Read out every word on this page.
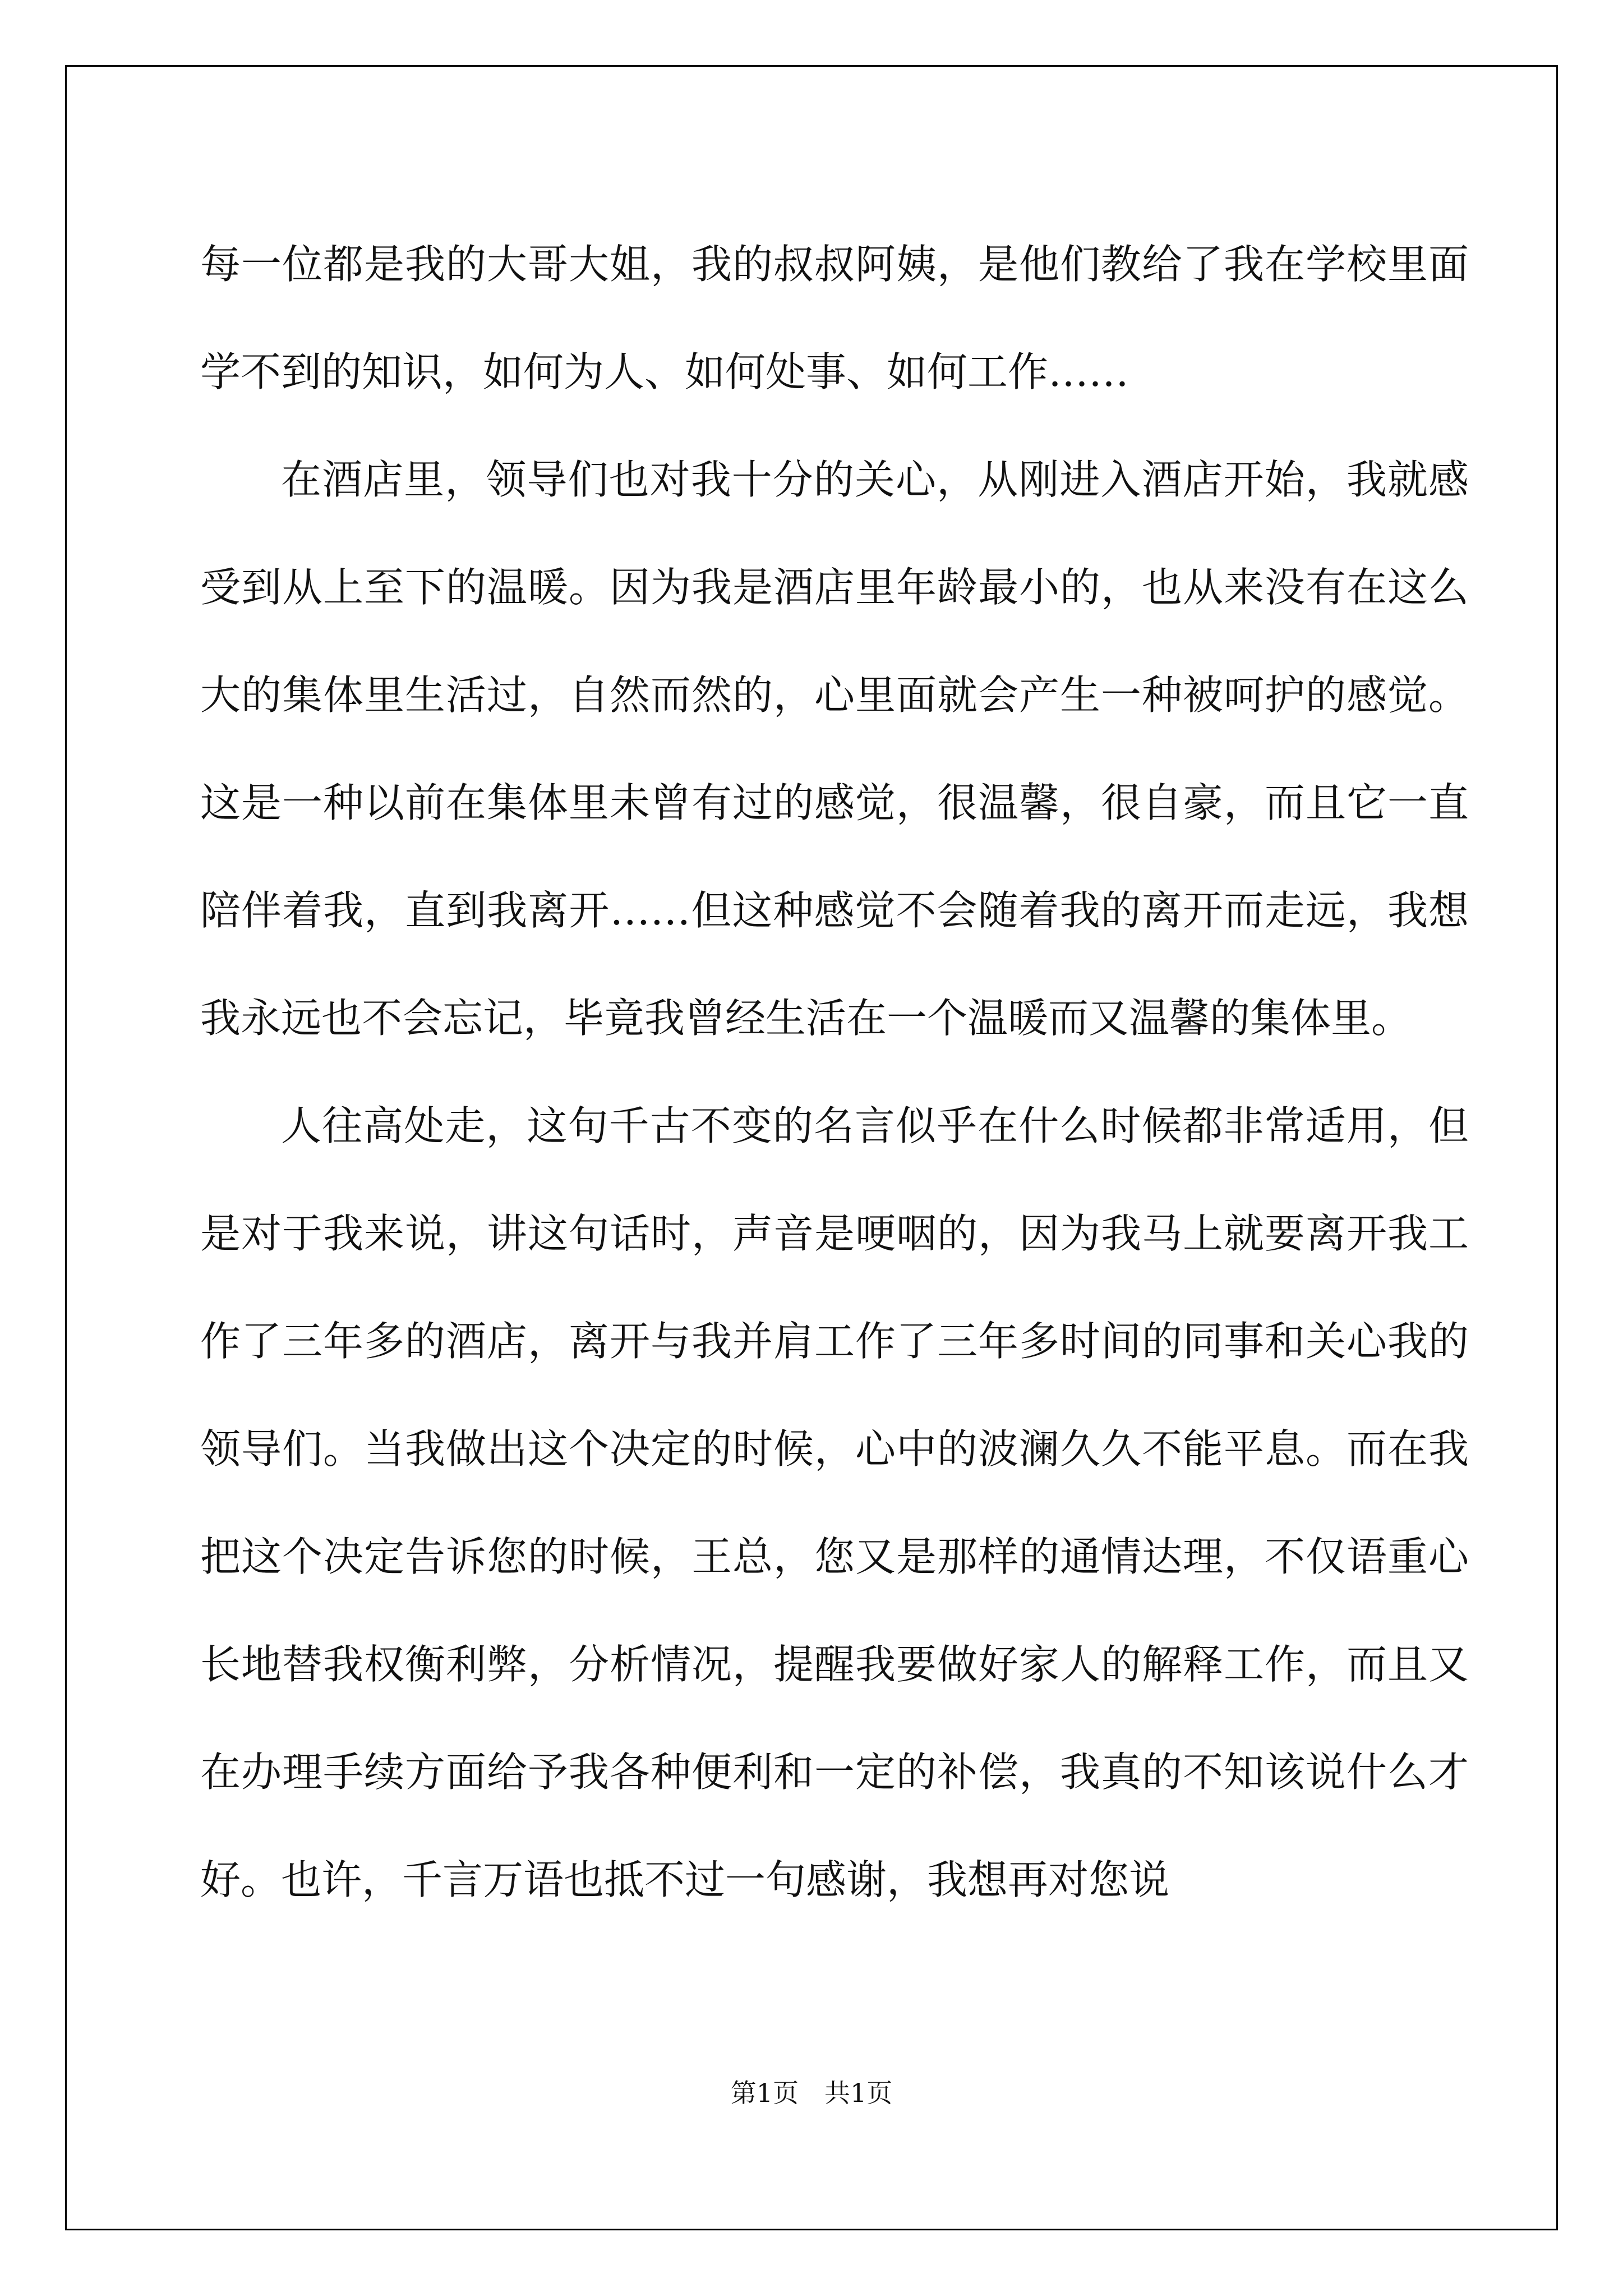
每一位都是我的大哥大姐，我的叔叔阿姨，是他们教给了我在学校里面学不到的知识，如何为人、如何处事、如何工作……

在酒店里，领导们也对我十分的关心，从刚进入酒店开始，我就感受到从上至下的温暖。因为我是酒店里年龄最小的，也从来没有在这么大的集体里生活过，自然而然的，心里面就会产生一种被呵护的感觉。这是一种以前在集体里未曾有过的感觉，很温馨，很自豪，而且它一直陪伴着我，直到我离开……但这种感觉不会随着我的离开而走远，我想我永远也不会忘记，毕竟我曾经生活在一个温暖而又温馨的集体里。

人往高处走，这句千古不变的名言似乎在什么时候都非常适用，但是对于我来说，讲这句话时，声音是哽咽的，因为我马上就要离开我工作了三年多的酒店，离开与我并肩工作了三年多时间的同事和关心我的领导们。当我做出这个决定的时候，心中的波澜久久不能平息。而在我把这个决定告诉您的时候，王总，您又是那样的通情达理，不仅语重心长地替我权衡利弊，分析情况，提醒我要做好家人的解释工作，而且又在办理手续方面给予我各种便利和一定的补偿，我真的不知该说什么才好。也许，千言万语也抵不过一句感谢，我想再对您说

第1页 共1页
